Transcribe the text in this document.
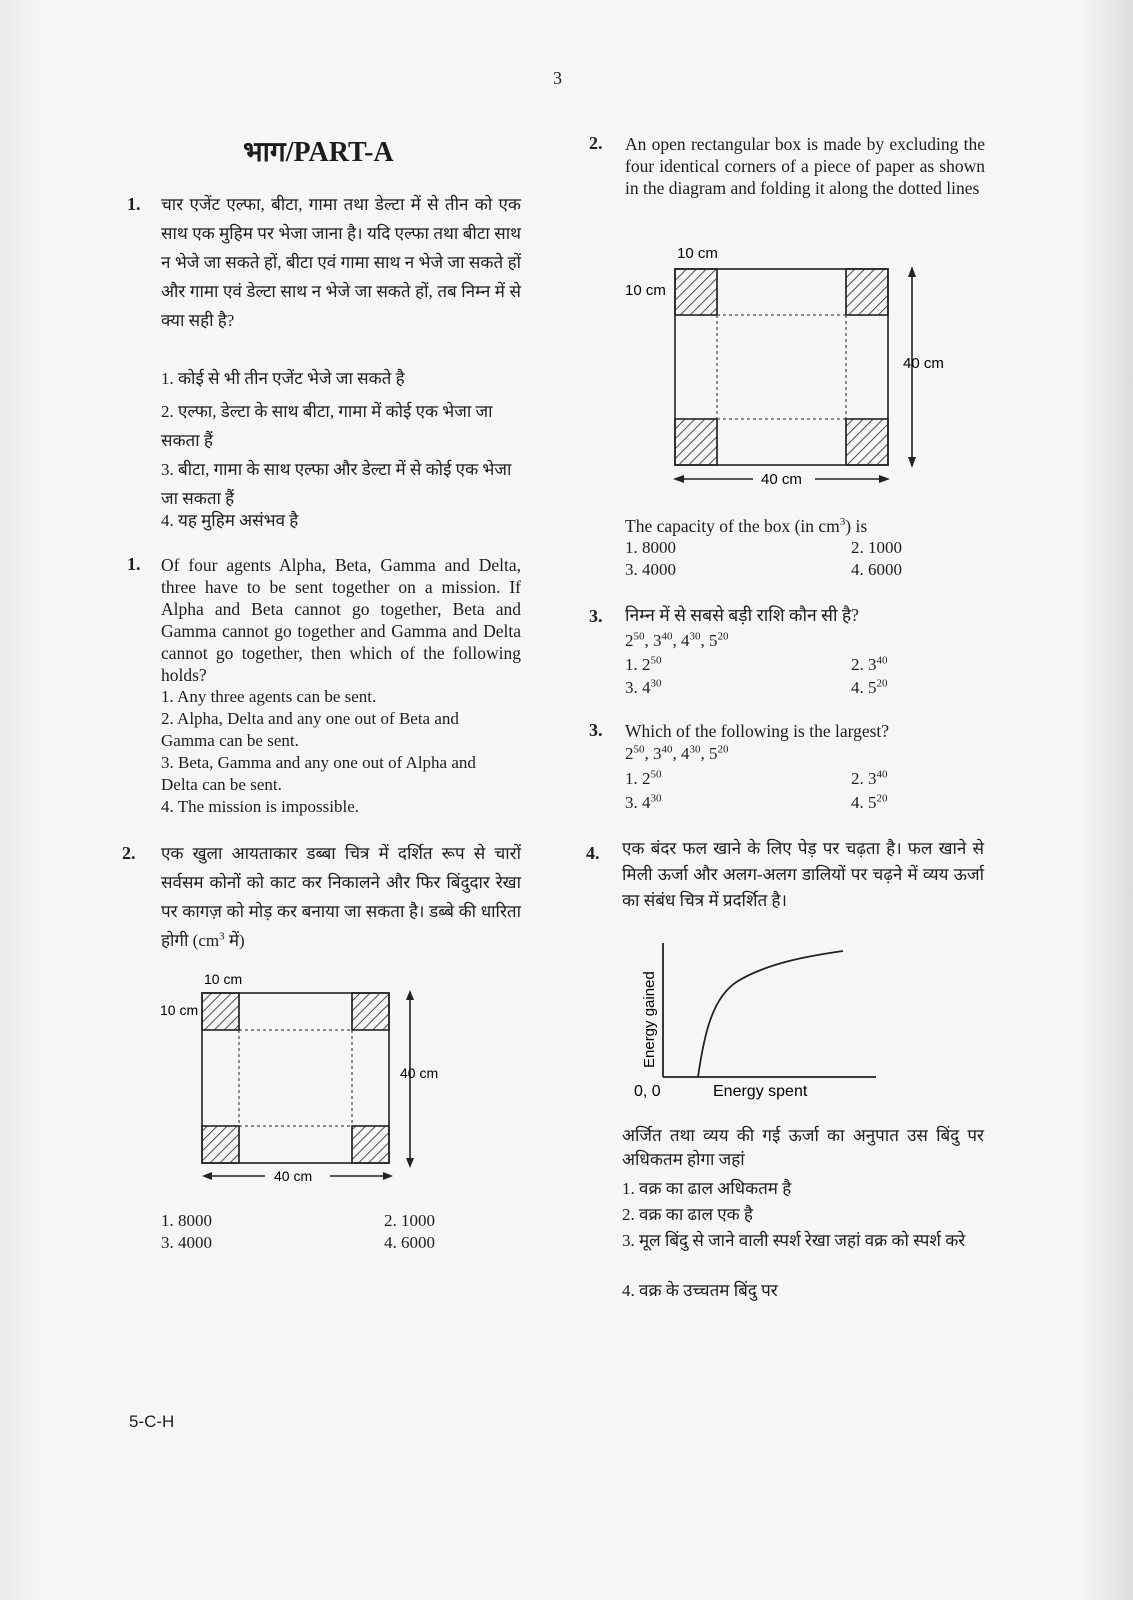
3
भाग/PART-A
1. चार एजेंट एल्फा, बीटा, गामा तथा डेल्टा में से तीन को एक साथ एक मुहिम पर भेजा जाना है। यदि एल्फा तथा बीटा साथ न भेजे जा सकते हों, बीटा एवं गामा साथ न भेजे जा सकते हों और गामा एवं डेल्टा साथ न भेजे जा सकते हों, तब निम्न में से क्या सही है?
1. कोई से भी तीन एजेंट भेजे जा सकते है
2. एल्फा, डेल्टा के साथ बीटा, गामा में कोई एक भेजा जा सकता हैं
3. बीटा, गामा के साथ एल्फा और डेल्टा में से कोई एक भेजा जा सकता हैं
4. यह मुहिम असंभव है
1. Of four agents Alpha, Beta, Gamma and Delta, three have to be sent together on a mission. If Alpha and Beta cannot go together, Beta and Gamma cannot go together and Gamma and Delta cannot go together, then which of the following holds?
1. Any three agents can be sent.
2. Alpha, Delta and any one out of Beta and Gamma can be sent.
3. Beta, Gamma and any one out of Alpha and Delta can be sent.
4. The mission is impossible.
2. एक खुला आयताकार डब्बा चित्र में दर्शित रूप से चारों सर्वसम कोनों को काट कर निकालने और फिर बिंदुदार रेखा पर कागज़ को मोड़ कर बनाया जा सकता है। डब्बे की धारिता होगी ($cm^3$ में)
10 cm
10 cm
40 cm
40 cm
1. 8000	2. 1000
3. 4000	4. 6000
2. An open rectangular box is made by excluding the four identical corners of a piece of paper as shown in the diagram and folding it along the dotted lines
10 cm
10 cm
40 cm
40 cm
The capacity of the box (in $cm^3$) is
1. 8000	2. 1000
3. 4000	4. 6000
3. निम्न में से सबसे बड़ी राशि कौन सी है?
$2^{50}$, $3^{40}$, $4^{30}$, $5^{20}$
1. $2^{50}$	2. $3^{40}$
3. $4^{30}$	4. $5^{20}$
3. Which of the following is the largest?
$2^{50}$, $3^{40}$, $4^{30}$, $5^{20}$
1. $2^{50}$	2. $3^{40}$
3. $4^{30}$	4. $5^{20}$
4. एक बंदर फल खाने के लिए पेड़ पर चढ़ता है। फल खाने से मिली ऊर्जा और अलग-अलग डालियों पर चढ़ने में व्यय ऊर्जा का संबंध चित्र में प्रदर्शित है।
Energy gained
0, 0	Energy spent
अर्जित तथा व्यय की गई ऊर्जा का अनुपात उस बिंदु पर अधिकतम होगा जहां
1. वक्र का ढाल अधिकतम है
2. वक्र का ढाल एक है
3. मूल बिंदु से जाने वाली स्पर्श रेखा जहां वक्र को स्पर्श करे
4. वक्र के उच्चतम बिंदु पर
5-C-H
